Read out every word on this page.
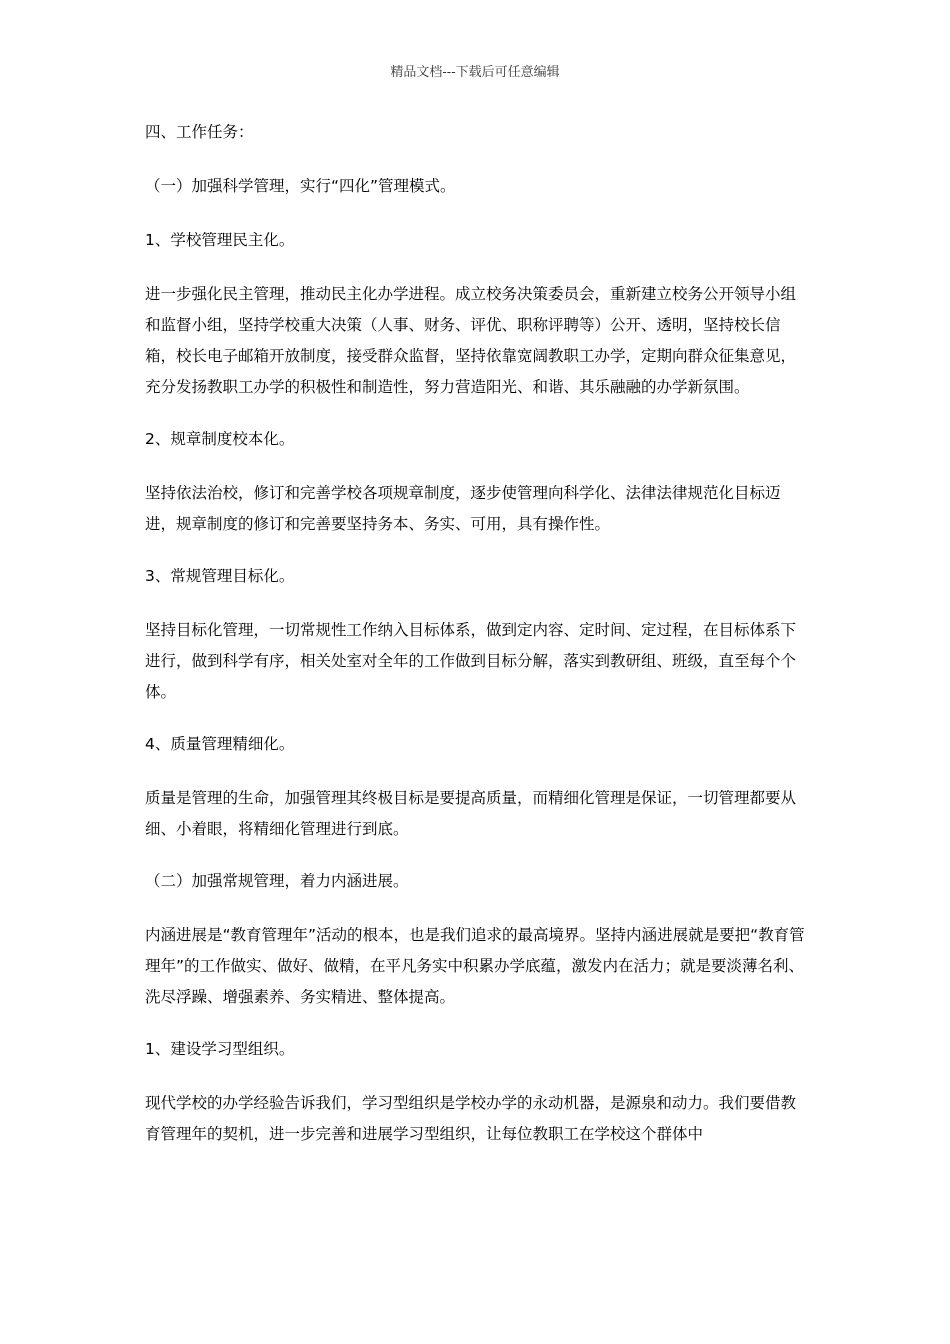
精品文档---下载后可任意编辑

四、工作任务：

（一）加强科学管理，实行“四化”管理模式。

1、学校管理民主化。

进一步强化民主管理，推动民主化办学进程。成立校务决策委员会，重新建立校务公开领导小组和监督小组，坚持学校重大决策（人事、财务、评优、职称评聘等）公开、透明，坚持校长信箱，校长电子邮箱开放制度，接受群众监督，坚持依靠宽阔教职工办学，定期向群众征集意见，充分发扬教职工办学的积极性和制造性，努力营造阳光、和谐、其乐融融的办学新氛围。

2、规章制度校本化。

坚持依法治校，修订和完善学校各项规章制度，逐步使管理向科学化、法律法律规范化目标迈进，规章制度的修订和完善要坚持务本、务实、可用，具有操作性。

3、常规管理目标化。

坚持目标化管理，一切常规性工作纳入目标体系，做到定内容、定时间、定过程，在目标体系下进行，做到科学有序，相关处室对全年的工作做到目标分解，落实到教研组、班级，直至每个个体。

4、质量管理精细化。

质量是管理的生命，加强管理其终极目标是要提高质量，而精细化管理是保证，一切管理都要从细、小着眼，将精细化管理进行到底。

（二）加强常规管理，着力内涵进展。

内涵进展是“教育管理年”活动的根本，也是我们追求的最高境界。坚持内涵进展就是要把“教育管理年”的工作做实、做好、做精，在平凡务实中积累办学底蕴，激发内在活力；就是要淡薄名利、洗尽浮躁、增强素养、务实精进、整体提高。

1、建设学习型组织。

现代学校的办学经验告诉我们，学习型组织是学校办学的永动机器，是源泉和动力。我们要借教育管理年的契机，进一步完善和进展学习型组织，让每位教职工在学校这个群体中
